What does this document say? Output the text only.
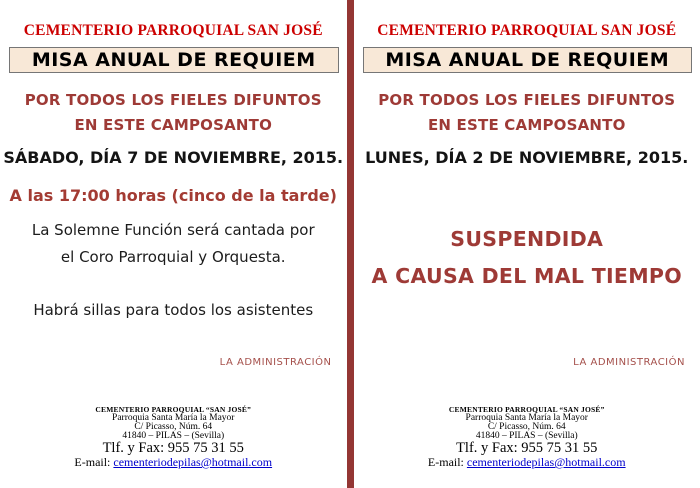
CEMENTERIO PARROQUIAL SAN JOSÉ
MISA ANUAL DE REQUIEM
POR TODOS LOS FIELES DIFUNTOS
EN ESTE CAMPOSANTO
SÁBADO, DÍA 7 DE NOVIEMBRE, 2015.
A las 17:00 horas (cinco de la tarde)
La Solemne Función será cantada por
el Coro Parroquial y Orquesta.
Habrá sillas para todos los asistentes
LA ADMINISTRACIÓN
CEMENTERIO PARROQUIAL “SAN JOSÉ”
Parroquia Santa María la Mayor
C/ Picasso, Núm. 64
41840 – PILAS – (Sevilla)
Tlf. y Fax: 955 75 31 55
E-mail: cementeriodepilas@hotmail.com
CEMENTERIO PARROQUIAL SAN JOSÉ
MISA ANUAL DE REQUIEM
POR TODOS LOS FIELES DIFUNTOS
EN ESTE CAMPOSANTO
LUNES, DÍA 2 DE NOVIEMBRE, 2015.
SUSPENDIDA
A CAUSA DEL MAL TIEMPO
LA ADMINISTRACIÓN
CEMENTERIO PARROQUIAL “SAN JOSÉ”
Parroquia Santa María la Mayor
C/ Picasso, Núm. 64
41840 – PILAS – (Sevilla)
Tlf. y Fax: 955 75 31 55
E-mail: cementeriodepilas@hotmail.com
